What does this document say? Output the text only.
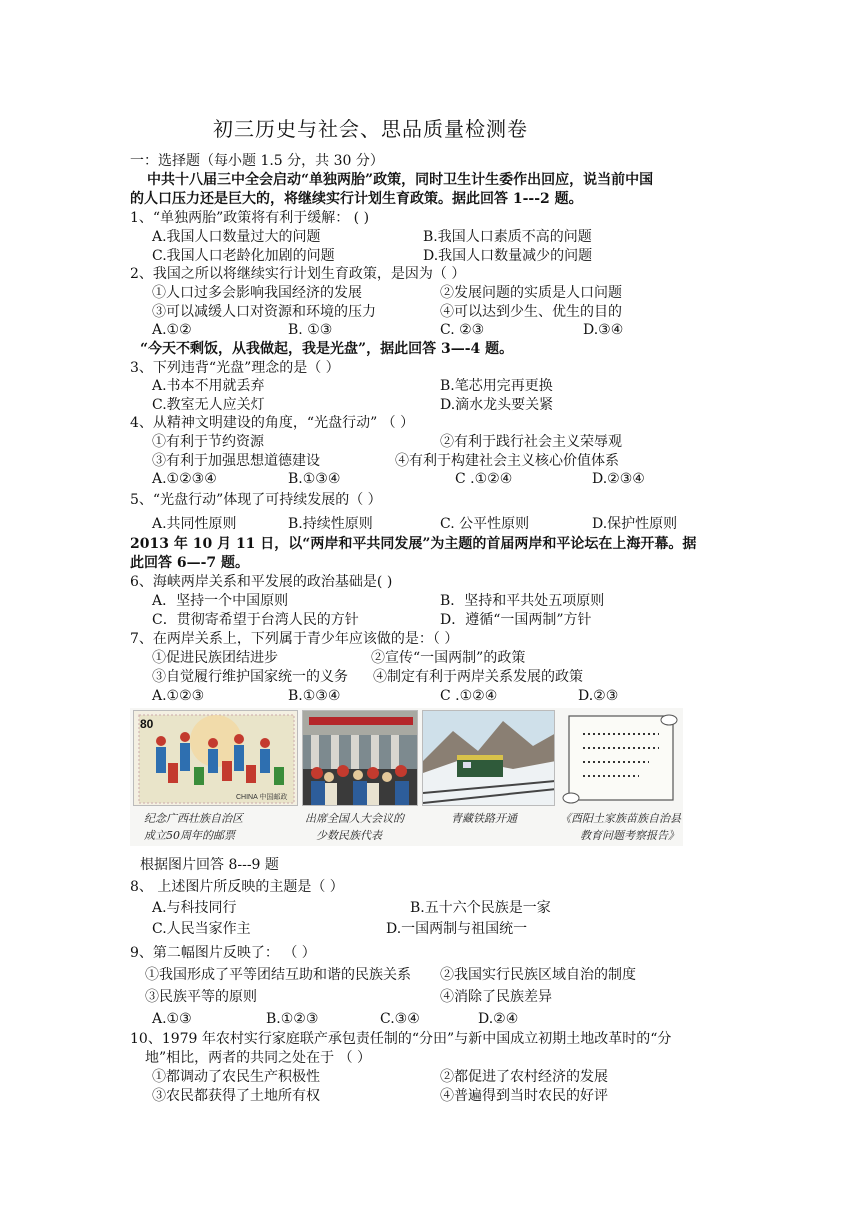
初三历史与社会、思品质量检测卷
一：选择题（每小题 1.5 分，共 30 分）
中共十八届三中全会启动“单独两胎”政策，同时卫生计生委作出回应，说当前中国
的人口压力还是巨大的，将继续实行计划生育政策。据此回答 1---2 题。
1、“单独两胎”政策将有利于缓解： ( )
A.我国人口数量过大的问题	B.我国人口素质不高的问题
C.我国人口老龄化加剧的问题	D.我国人口数量减少的问题
2、我国之所以将继续实行计划生育政策，是因为（ ）
①人口过多会影响我国经济的发展	②发展问题的实质是人口问题
③可以减缓人口对资源和环境的压力	④可以达到少生、优生的目的
A.①②	B. ①③	C. ②③	D.③④
“今天不剩饭，从我做起，我是光盘”，据此回答 3—-4 题。
3、下列违背“光盘”理念的是（ ）
A.书本不用就丢弃	B.笔芯用完再更换
C.教室无人应关灯	D.滴水龙头要关紧
4、从精神文明建设的角度，“光盘行动” （ ）
①有利于节约资源	②有利于践行社会主义荣辱观
③有利于加强思想道德建设	④有利于构建社会主义核心价值体系
A.①②③④	B.①③④	C .①②④	D.②③④
5、“光盘行动”体现了可持续发展的（ ）
A.共同性原则	B.持续性原则	C. 公平性原则	D.保护性原则
2013 年 10 月 11 日，以“两岸和平共同发展”为主题的首届两岸和平论坛在上海开幕。据
此回答 6—-7 题。
6、海峡两岸关系和平发展的政治基础是( )
A．坚持一个中国原则	B．坚持和平共处五项原则
C．贯彻寄希望于台湾人民的方针	D．遵循“一国两制”方针
7、在两岸关系上，下列属于青少年应该做的是：（ ）
①促进民族团结进步	②宣传“一国两制”的政策
③自觉履行维护国家统一的义务 ④制定有利于两岸关系发展的政策
A.①②③	B.①③④	C .①②④	D.②③
80
CHINA 中国邮政
纪念广西壮族自治区
成立50周年的邮票
出席全国人大会议的
少数民族代表
青藏铁路开通	《酉阳土家族苗族自治县
教育问题考察报告》
根据图片回答 8---9 题
8、 上述图片所反映的主题是（ ）
A.与科技同行	B.五十六个民族是一家
C.人民当家作主	D.一国两制与祖国统一
9、第二幅图片反映了： （ ）
①我国形成了平等团结互助和谐的民族关系 ②我国实行民族区域自治的制度
③民族平等的原则	④消除了民族差异
A.①③	B.①②③	C.③④	D.②④
10、1979 年农村实行家庭联产承包责任制的“分田”与新中国成立初期土地改革时的“分
地”相比，两者的共同之处在于 （ ）
①都调动了农民生产积极性	②都促进了农村经济的发展
③农民都获得了土地所有权	④普遍得到当时农民的好评
